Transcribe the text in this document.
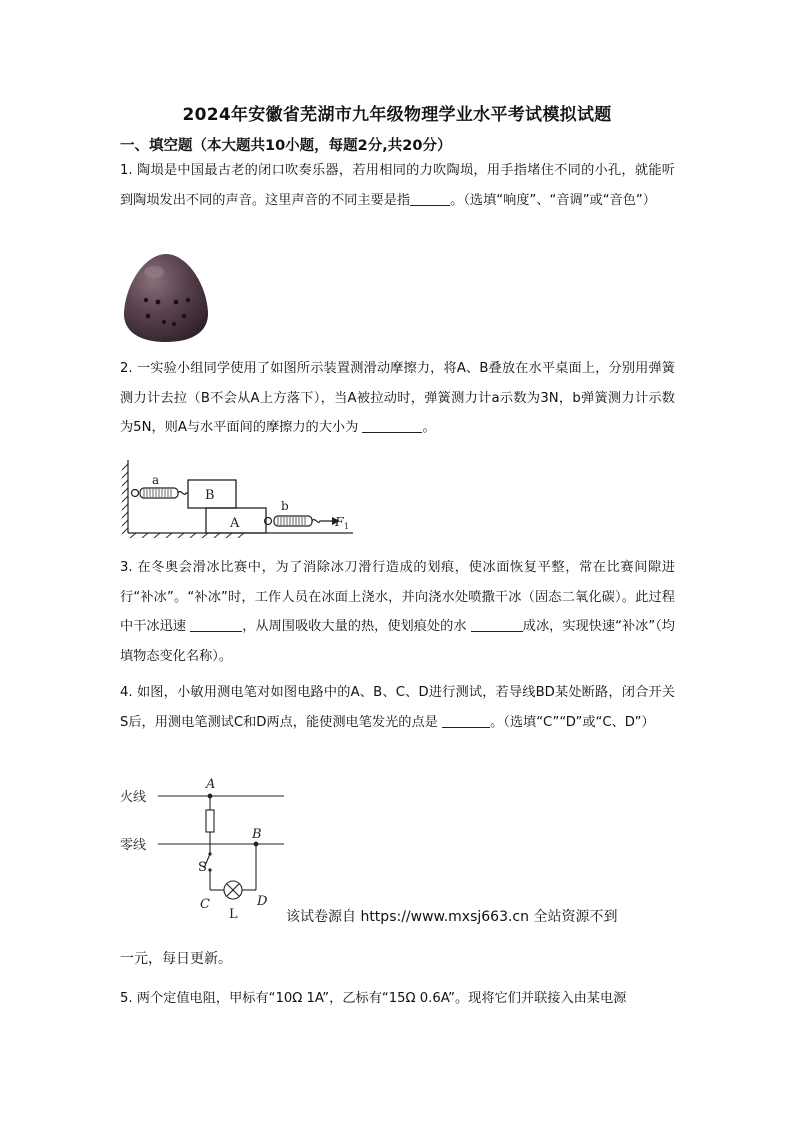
2024年安徽省芜湖市九年级物理学业水平考试模拟试题
一、填空题（本大题共10小题，每题2分,共20分）
1. 陶埙是中国最古老的闭口吹奏乐器，若用相同的力吹陶埙，用手指堵住不同的小孔，就能听到陶埙发出不同的声音。这里声音的不同主要是指	。（选填“响度”、“音调”或“音色”）
2. 一实验小组同学使用了如图所示装置测滑动摩擦力，将A、B叠放在水平桌面上，分别用弹簧测力计去拉（B不会从A上方落下），当A被拉动时，弹簧测力计a示数为3N，b弹簧测力计示数为5N，则A与水平面间的摩擦力的大小为	。
a
b
B
A	F 1
3. 在冬奥会滑冰比赛中，为了消除冰刀滑行造成的划痕，使冰面恢复平整，常在比赛间隙进行“补冰”。“补冰”时，工作人员在冰面上浇水，并向浇水处喷撒干冰（固态二氧化碳）。此过程中干冰迅速	，从周围吸收大量的热，使划痕处的水	成冰，实现快速“补冰”（均填物态变化名称）。
4. 如图，小敏用测电笔对如图电路中的A、B、C、D进行测试，若导线BD某处断路，闭合开关S后，用测电笔测试C和D两点，能使测电笔发光的点是	。（选填“C”“D”或“C、D”）
火线
零线
A
B
S
C	D
L	该试卷源自 https://www.mxsj663.cn 全站资源不到
一元，每日更新。
5. 两个定值电阻，甲标有“10Ω 1A”，乙标有“15Ω 0.6A”。现将它们并联接入由某电源
